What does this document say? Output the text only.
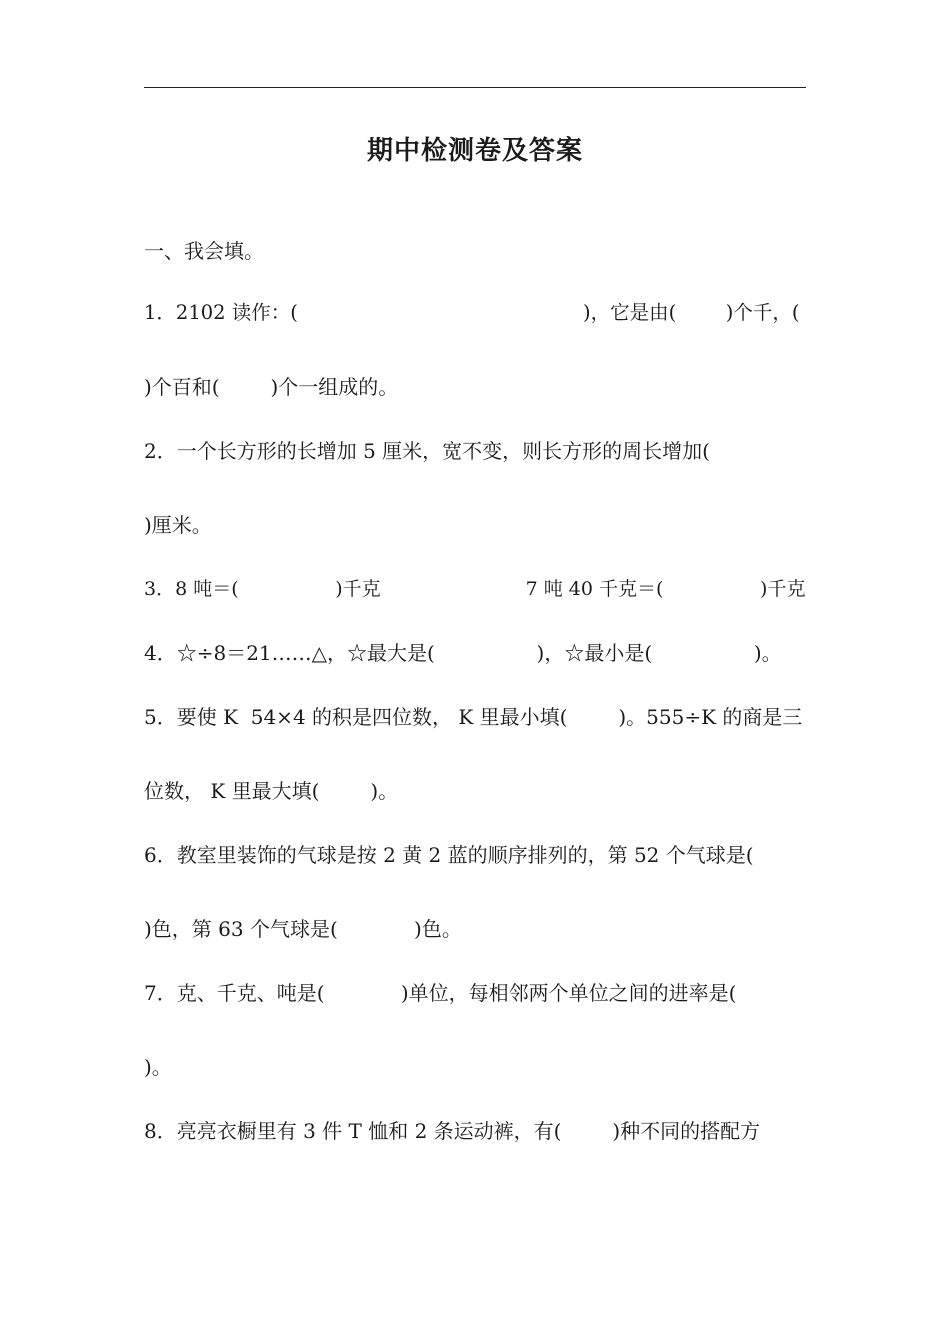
期中检测卷及答案
一、我会填。
1．2102 读作：(                                              )，它是由(        )个千，(
)个百和(        )个一组成的。
2．一个长方形的长增加 5 厘米，宽不变，则长方形的周长增加(
)厘米。
3．8 吨＝(                )千克                        7 吨 40 千克＝(                )千克
4．☆÷8＝21……△，☆最大是(                )，☆最小是(                )。
5．要使 K  54×4 的积是四位数， K 里最小填(        )。555÷K 的商是三
位数， K 里最大填(        )。
6．教室里装饰的气球是按 2 黄 2 蓝的顺序排列的，第 52 个气球是(
)色，第 63 个气球是(            )色。
7．克、千克、吨是(            )单位，每相邻两个单位之间的进率是(
)。
8．亮亮衣橱里有 3 件 T 恤和 2 条运动裤，有(        )种不同的搭配方
